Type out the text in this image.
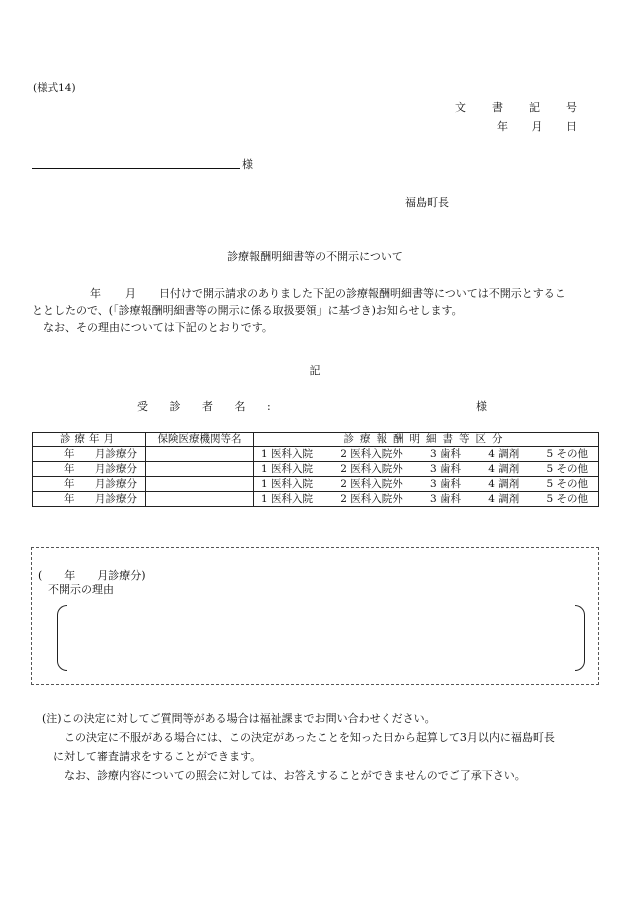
(様式14)
文 書 記 号
年 月 日
様
福島町長
診療報酬明細書等の不開示について
年 月 日付けで開示請求のありました下記の診療報酬明細書等については不開示とするこ
ととしたので、(「診療報酬明細書等の開示に係る取扱要領」に基づき)お知らせします。
なお、その理由については下記のとおりです。
記
受 診 者 名 :	様
診療年月	保険医療機関等名	診療報酬明細書等区分

年 月診療分		1 医科入院 2 医科入院外 3 歯科 4 調剤 5 その他

年 月診療分		1 医科入院 2 医科入院外 3 歯科 4 調剤 5 その他

年 月診療分		1 医科入院 2 医科入院外 3 歯科 4 調剤 5 その他

年 月診療分		1 医科入院 2 医科入院外 3 歯科 4 調剤 5 その他
(　　年　　月診療分)
不開示の理由
(注)この決定に対してご質問等がある場合は福祉課までお問い合わせください。
　　この決定に不服がある場合には、この決定があったことを知った日から起算して3月以内に福島町長
　に対して審査請求をすることができます。
　　なお、診療内容についての照会に対しては、お答えすることができませんのでご了承下さい。
